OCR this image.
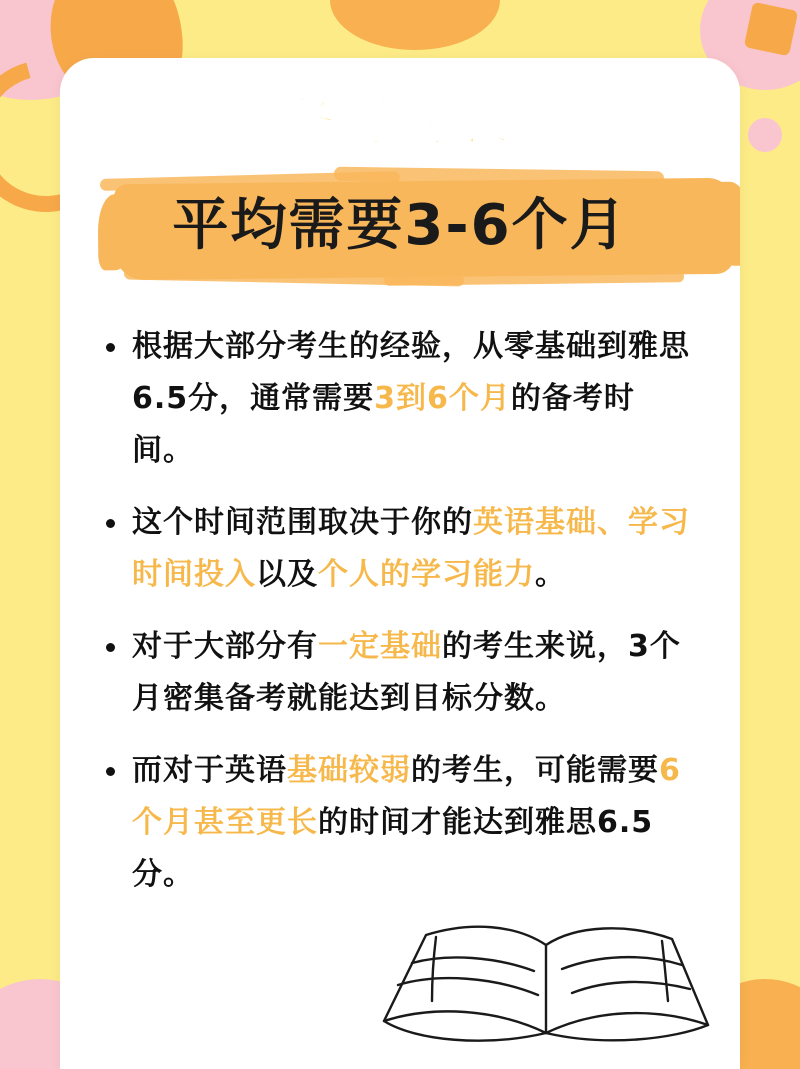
备考时长
平均需要3-6个月
根据大部分考生的经验，从零基础到雅思6.5分，通常需要3到6个月的备考时间。
这个时间范围取决于你的英语基础、学习时间投入以及个人的学习能力。
对于大部分有一定基础的考生来说，3个月密集备考就能达到目标分数。
而对于英语基础较弱的考生，可能需要6个月甚至更长的时间才能达到雅思6.5分。
